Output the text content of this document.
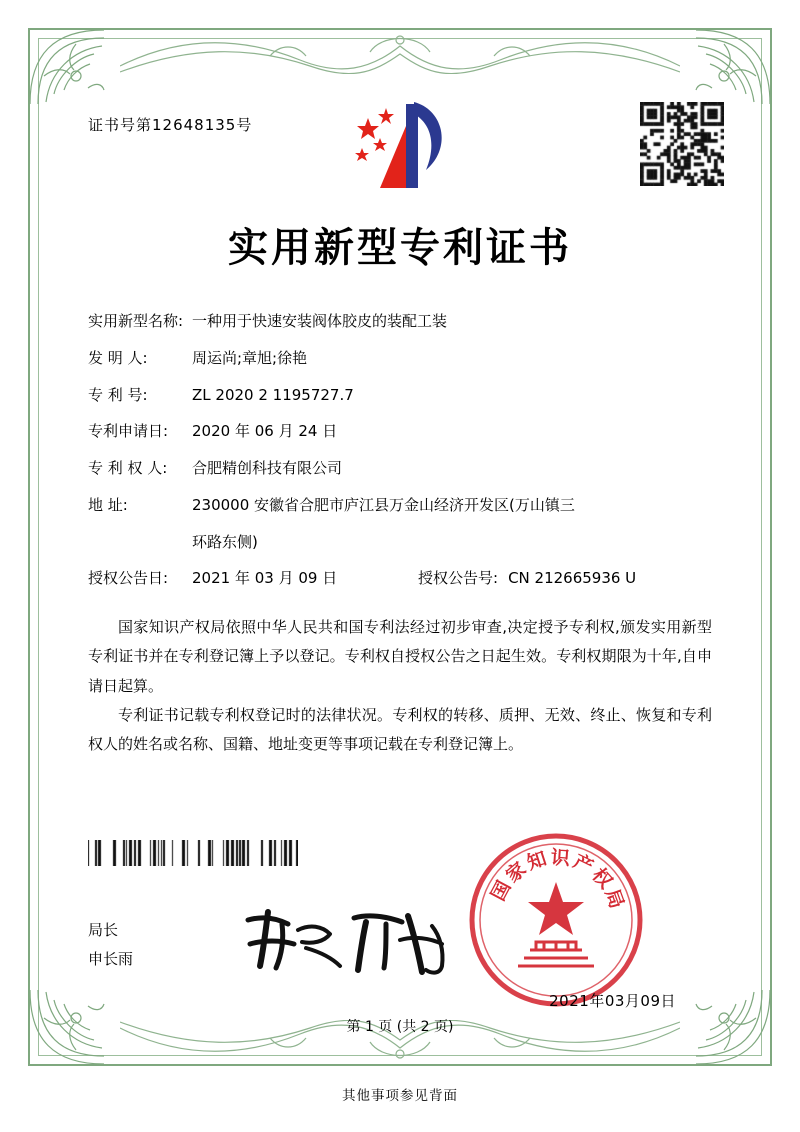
证书号第12648135号
实用新型专利证书
实用新型名称: 一种用于快速安装阀体胶皮的装配工装
发 明 人:	周运尚;章旭;徐艳
专 利 号:	ZL 2020 2 1195727.7
专利申请日:	2020 年 06 月 24 日
专 利 权 人:	合肥精创科技有限公司
地 址:	230000 安徽省合肥市庐江县万金山经济开发区(万山镇三
环路东侧)
授权公告日:	2021 年 03 月 09 日	授权公告号: CN 212665936 U

国家知识产权局依照中华人民共和国专利法经过初步审查,决定授予专利权,颁发实用新型专利证书并在专利登记簿上予以登记。专利权自授权公告之日起生效。专利权期限为十年,自申请日起算。

专利证书记载专利权登记时的法律状况。专利权的转移、质押、无效、终止、恢复和专利权人的姓名或名称、国籍、地址变更等事项记载在专利登记簿上。

局长
申长雨
国
家
知 识 产
权
局
2021年03月09日
第 1 页 (共 2 页)
其他事项参见背面
